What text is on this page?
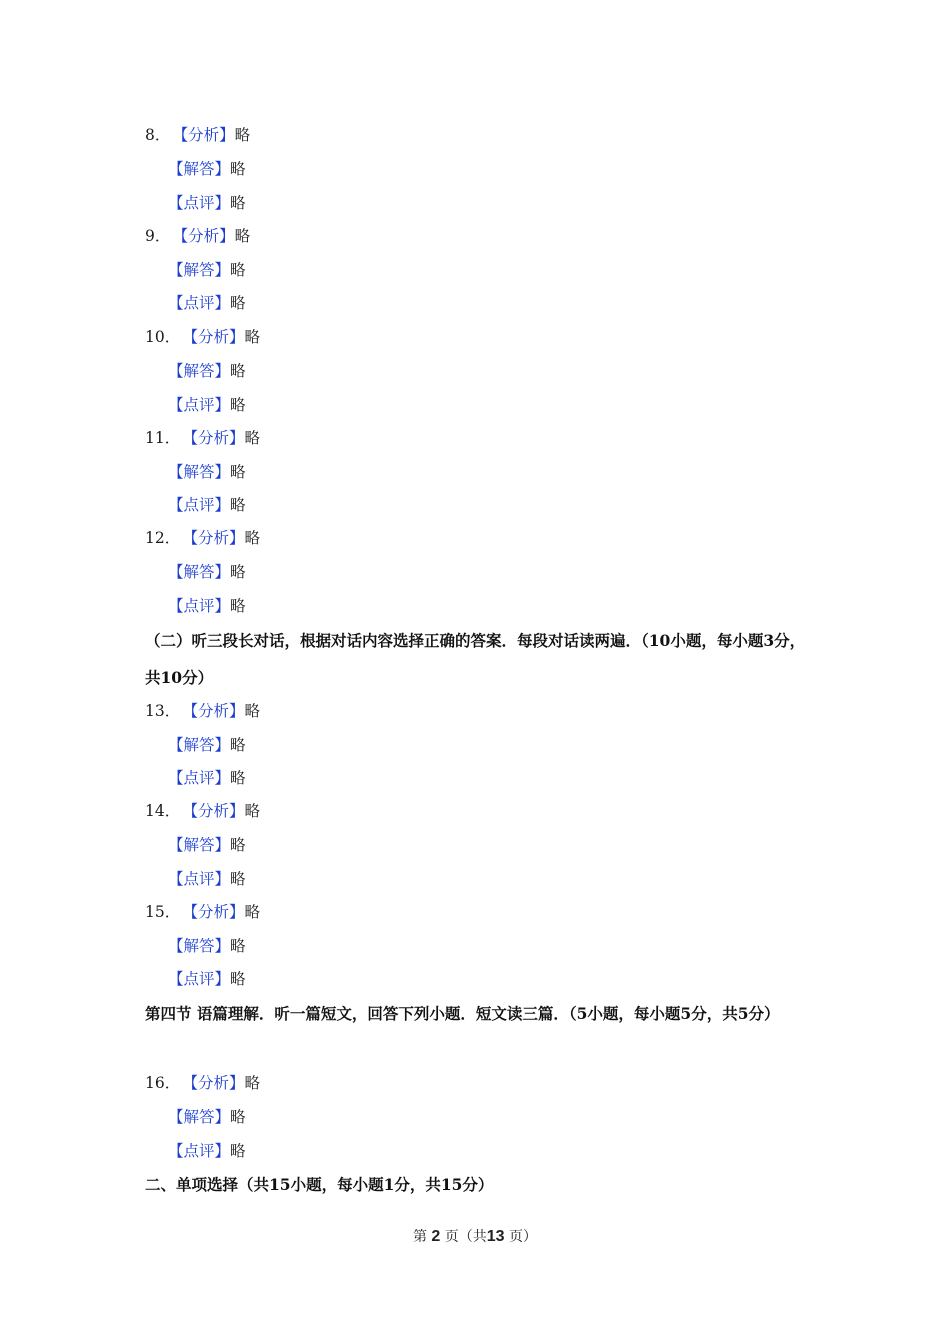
8． 【分析】略
【解答】略
【点评】略
9． 【分析】略
【解答】略
【点评】略
10． 【分析】略
【解答】略
【点评】略
11． 【分析】略
【解答】略
【点评】略
12． 【分析】略
【解答】略
【点评】略
（二）听三段长对话，根据对话内容选择正确的答案．每段对话读两遍．（10小题，每小题3分，共10分）
13． 【分析】略
【解答】略
【点评】略
14． 【分析】略
【解答】略
【点评】略
15． 【分析】略
【解答】略
【点评】略
第四节 语篇理解．听一篇短文，回答下列小题．短文读三篇．（5小题，每小题5分，共5分）
16． 【分析】略
【解答】略
【点评】略
二、单项选择（共15小题，每小题1分，共15分）
第 2 页（共13 页）
